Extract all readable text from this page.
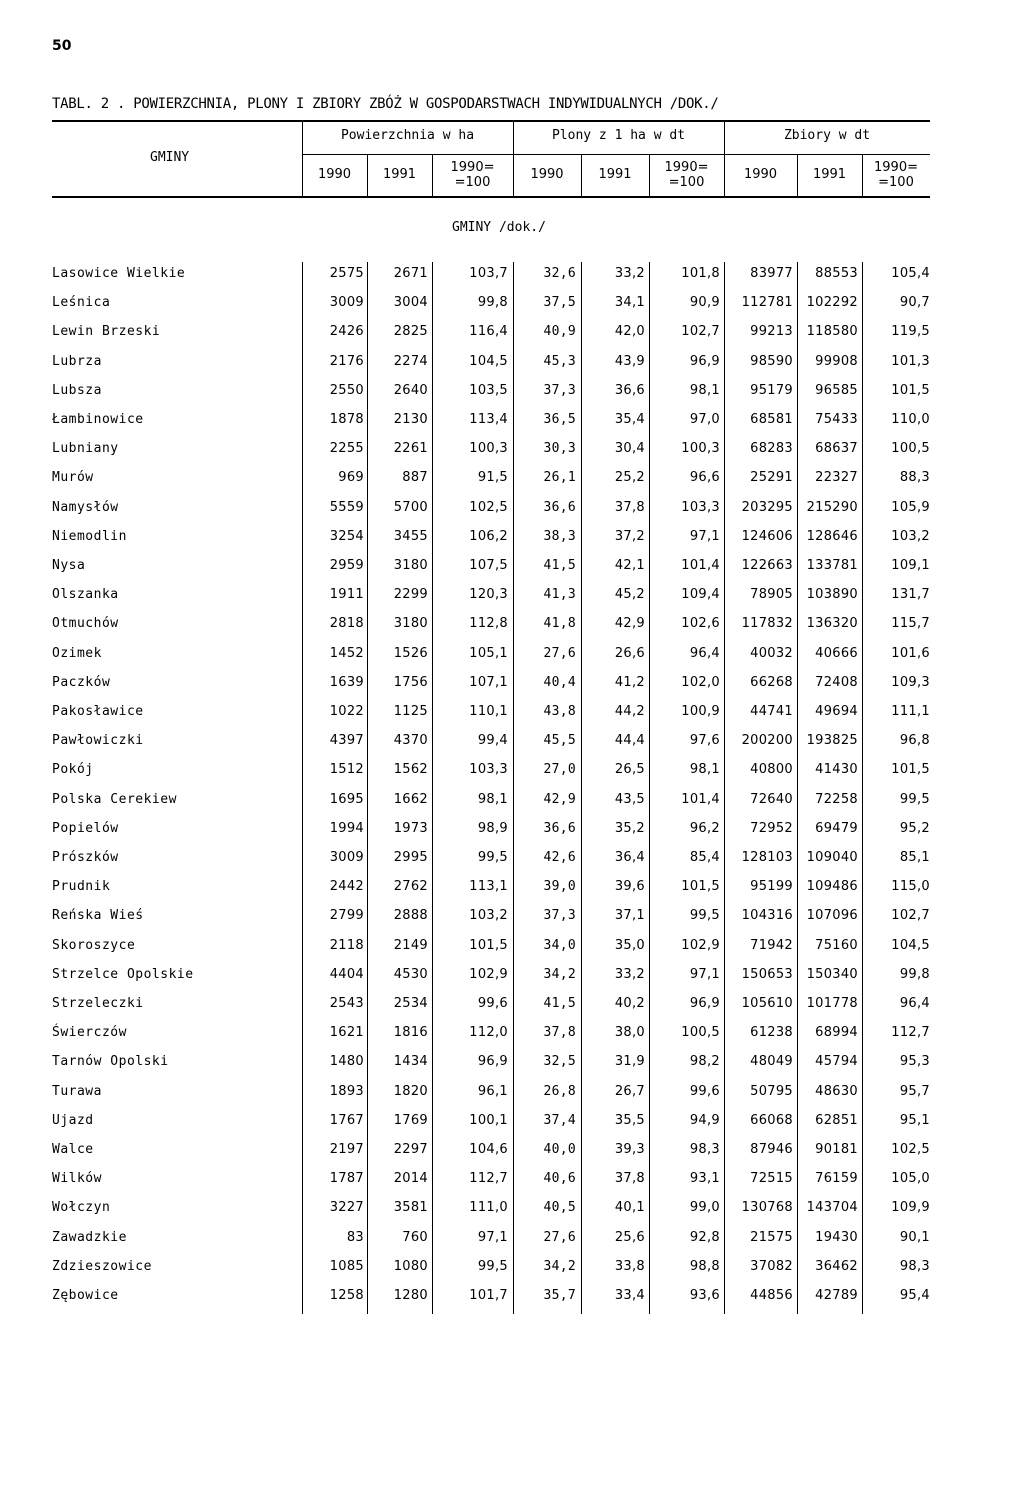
50
TABL. 2 . POWIERZCHNIA, PLONY I ZBIORY ZBÓŻ W GOSPODARSTWACH INDYWIDUALNYCH /DOK./
GMINY
Powierzchnia w ha	Plony z 1 ha w dt	Zbiory w dt
1990	1991	1990=
=100
1990	1991	1990=
=100
1990	1991	1990=
=100
GMINY /dok./
Lasowice Wielkie	2575 2671	103,7	32,6	33,2	101,8 83977 88553	105,4
Leśnica	3009 3004	99,8	37,5	34,1	90,9 112781 102292	90,7
Lewin Brzeski	2426 2825	116,4	40,9	42,0	102,7 99213 118580	119,5
Lubrza	2176 2274	104,5	45,3	43,9	96,9 98590 99908	101,3
Lubsza	2550 2640	103,5	37,3	36,6	98,1 95179 96585	101,5
Łambinowice	1878 2130	113,4	36,5	35,4	97,0 68581 75433	110,0
Lubniany	2255 2261	100,3	30,3	30,4	100,3 68283 68637	100,5
Murów	969	887	91,5	26,1	25,2	96,6 25291 22327	88,3
Namysłów	5559 5700	102,5	36,6	37,8	103,3 203295 215290	105,9
Niemodlin	3254 3455	106,2	38,3	37,2	97,1 124606 128646	103,2
Nysa	2959 3180	107,5	41,5	42,1	101,4 122663 133781	109,1
Olszanka	1911 2299	120,3	41,3	45,2	109,4 78905 103890	131,7
Otmuchów	2818 3180	112,8	41,8	42,9	102,6 117832 136320	115,7
Ozimek	1452 1526	105,1	27,6	26,6	96,4 40032 40666	101,6
Paczków	1639 1756	107,1	40,4	41,2	102,0 66268 72408	109,3
Pakosławice	1022 1125	110,1	43,8	44,2	100,9 44741 49694	111,1
Pawłowiczki	4397 4370	99,4	45,5	44,4	97,6 200200 193825	96,8
Pokój	1512 1562	103,3	27,0	26,5	98,1 40800 41430	101,5
Polska Cerekiew	1695 1662	98,1	42,9	43,5	101,4 72640 72258	99,5
Popielów	1994 1973	98,9	36,6	35,2	96,2 72952 69479	95,2
Prószków	3009 2995	99,5	42,6	36,4	85,4 128103 109040	85,1
Prudnik	2442 2762	113,1	39,0	39,6	101,5 95199 109486	115,0
Reńska Wieś	2799 2888	103,2	37,3	37,1	99,5 104316 107096	102,7
Skoroszyce	2118 2149	101,5	34,0	35,0	102,9 71942 75160	104,5
Strzelce Opolskie	4404 4530	102,9	34,2	33,2	97,1 150653 150340	99,8
Strzeleczki	2543 2534	99,6	41,5	40,2	96,9 105610 101778	96,4
Świerczów	1621 1816	112,0	37,8	38,0	100,5 61238 68994	112,7
Tarnów Opolski	1480 1434	96,9	32,5	31,9	98,2 48049 45794	95,3
Turawa	1893 1820	96,1	26,8	26,7	99,6 50795 48630	95,7
Ujazd	1767 1769	100,1	37,4	35,5	94,9 66068 62851	95,1
Walce	2197 2297	104,6	40,0	39,3	98,3 87946 90181	102,5
Wilków	1787 2014	112,7	40,6	37,8	93,1 72515 76159	105,0
Wołczyn	3227 3581	111,0	40,5	40,1	99,0 130768 143704	109,9
Zawadzkie	83	760	97,1	27,6	25,6	92,8 21575 19430	90,1
Zdzieszowice	1085 1080	99,5	34,2	33,8	98,8 37082 36462	98,3
Zębowice	1258 1280	101,7	35,7	33,4	93,6 44856 42789	95,4
